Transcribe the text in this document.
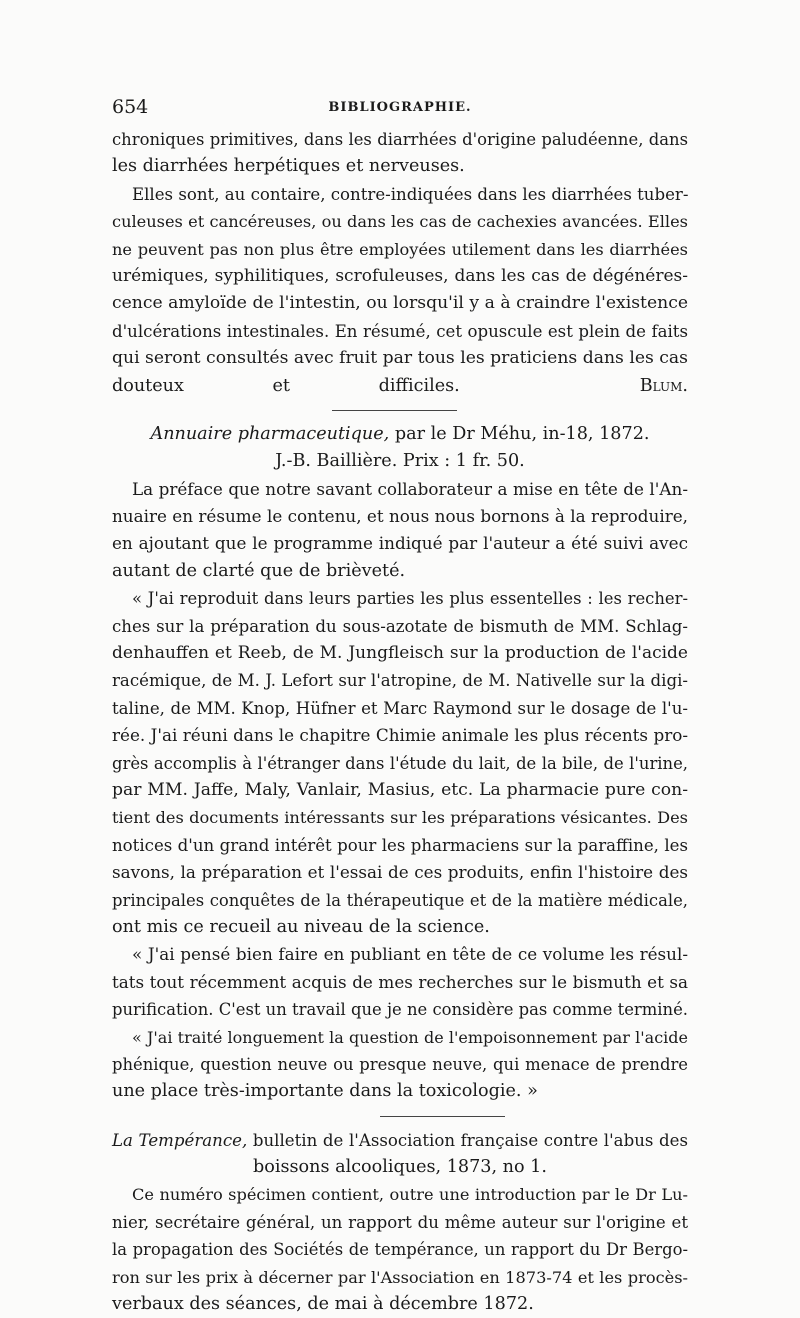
654	BIBLIOGRAPHIE.
chroniques primitives, dans les diarrhées d'origine paludéenne, dans
les diarrhées herpétiques et nerveuses.
Elles sont, au contaire, contre-indiquées dans les diarrhées tuber-
culeuses et cancéreuses, ou dans les cas de cachexies avancées. Elles
ne peuvent pas non plus être employées utilement dans les diarrhées
urémiques, syphilitiques, scrofuleuses, dans les cas de dégénéres-
cence amyloïde de l'intestin, ou lorsqu'il y a à craindre l'existence
d'ulcérations intestinales. En résumé, cet opuscule est plein de faits
qui seront consultés avec fruit par tous les praticiens dans les cas
douteux et difficiles.	Blum.
Annuaire pharmaceutique, par le Dr Méhu, in-18, 1872.
J.-B. Baillière. Prix : 1 fr. 50.
La préface que notre savant collaborateur a mise en tête de l'An-
nuaire en résume le contenu, et nous nous bornons à la reproduire,
en ajoutant que le programme indiqué par l'auteur a été suivi avec
autant de clarté que de brièveté.
« J'ai reproduit dans leurs parties les plus essentelles : les recher-
ches sur la préparation du sous-azotate de bismuth de MM. Schlag-
denhauffen et Reeb, de M. Jungfleisch sur la production de l'acide
racémique, de M. J. Lefort sur l'atropine, de M. Nativelle sur la digi-
taline, de MM. Knop, Hüfner et Marc Raymond sur le dosage de l'u-
rée. J'ai réuni dans le chapitre Chimie animale les plus récents pro-
grès accomplis à l'étranger dans l'étude du lait, de la bile, de l'urine,
par MM. Jaffe, Maly, Vanlair, Masius, etc. La pharmacie pure con-
tient des documents intéressants sur les préparations vésicantes. Des
notices d'un grand intérêt pour les pharmaciens sur la paraffine, les
savons, la préparation et l'essai de ces produits, enfin l'histoire des
principales conquêtes de la thérapeutique et de la matière médicale,
ont mis ce recueil au niveau de la science.
« J'ai pensé bien faire en publiant en tête de ce volume les résul-
tats tout récemment acquis de mes recherches sur le bismuth et sa
purification. C'est un travail que je ne considère pas comme terminé.
« J'ai traité longuement la question de l'empoisonnement par l'acide
phénique, question neuve ou presque neuve, qui menace de prendre
une place très-importante dans la toxicologie. »
La Tempérance, bulletin de l'Association française contre l'abus des
boissons alcooliques, 1873, no 1.
Ce numéro spécimen contient, outre une introduction par le Dr Lu-
nier, secrétaire général, un rapport du même auteur sur l'origine et
la propagation des Sociétés de tempérance, un rapport du Dr Bergo-
ron sur les prix à décerner par l'Association en 1873-74 et les procès-
verbaux des séances, de mai à décembre 1872.
